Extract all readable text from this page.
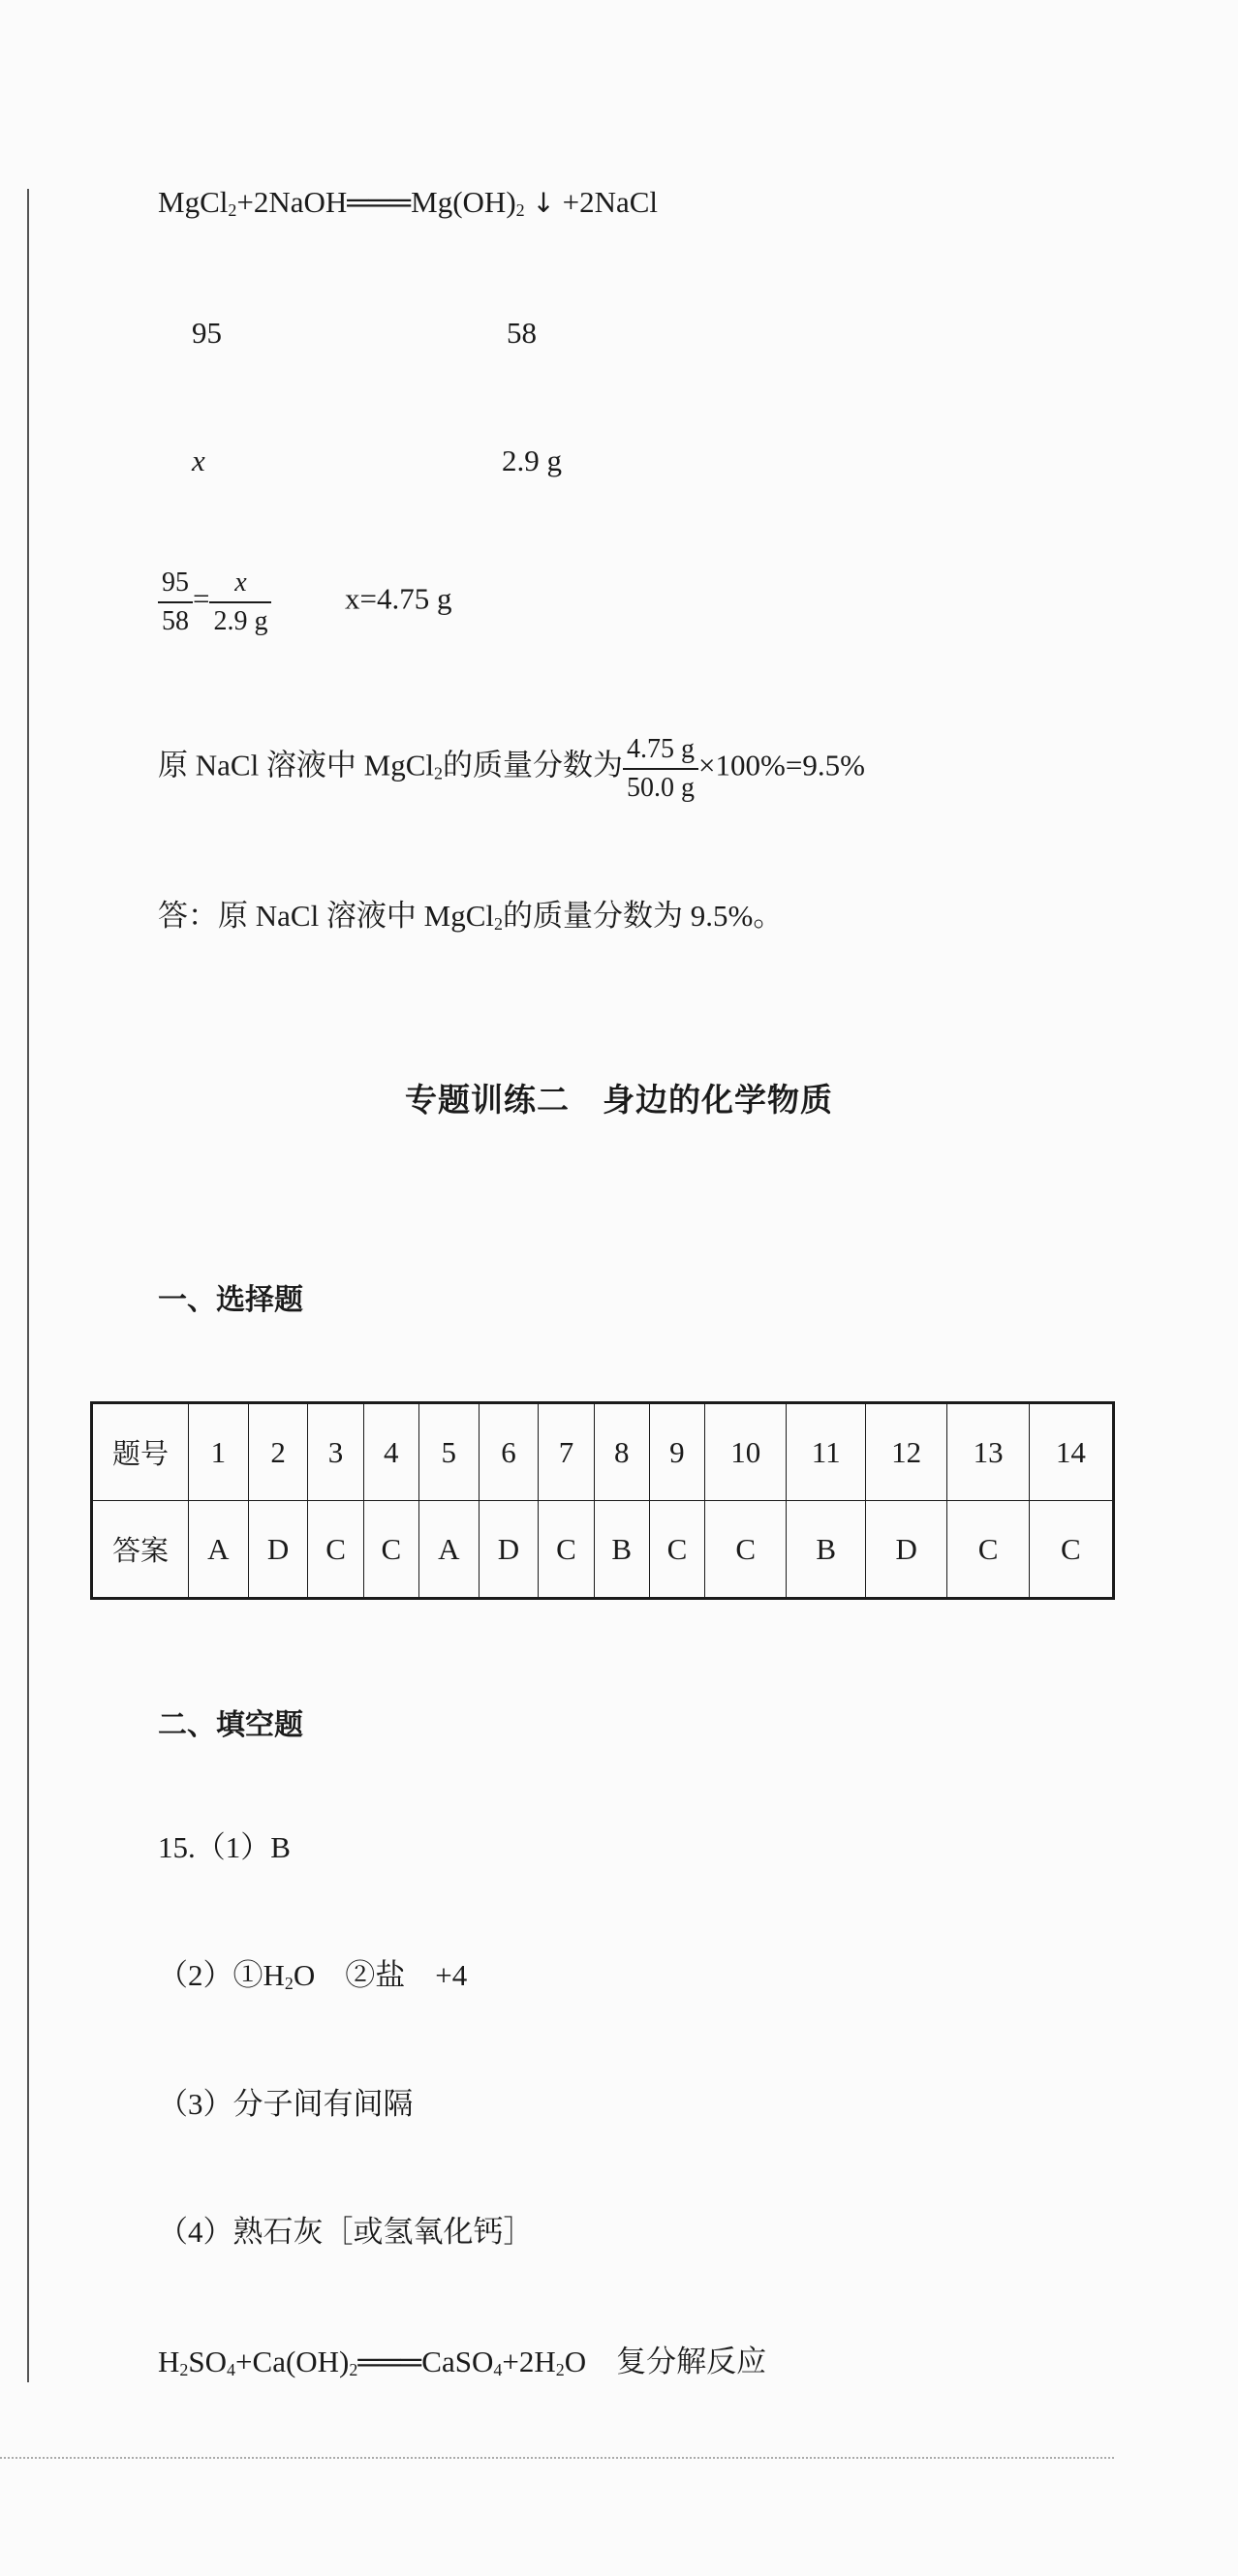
$MgCl_2+2NaOH═══Mg(OH)_2$ ↓ +2NaCl
95	58
x	2.9 g
$\frac{95}{58} = \frac{x}{2.9 g} x=4.75$ g
原 NaCl 溶液中 MgCl$_2$的质量分数为 $\frac{4.75 g}{50.0 g} \times 100\%=9.5\%$
答：原 NaCl 溶液中 MgCl$_2$的质量分数为 9.5%。
专题训练二　身边的化学物质
一、选择题
题号	1	2	3	4	5	6	7	8	9	10	11	12	13	14
答案	A	D	C	C	A	D	C	B	C	C	B	D	C	C
二、填空题
15.（1）B
$(2)①H_2O$　②盐　+4
（3）分子间有间隔
（4）熟石灰［或氢氧化钙］
$H_2SO_4+Ca(OH)_2═══CaSO_4+2H_2O$　复分解反应
